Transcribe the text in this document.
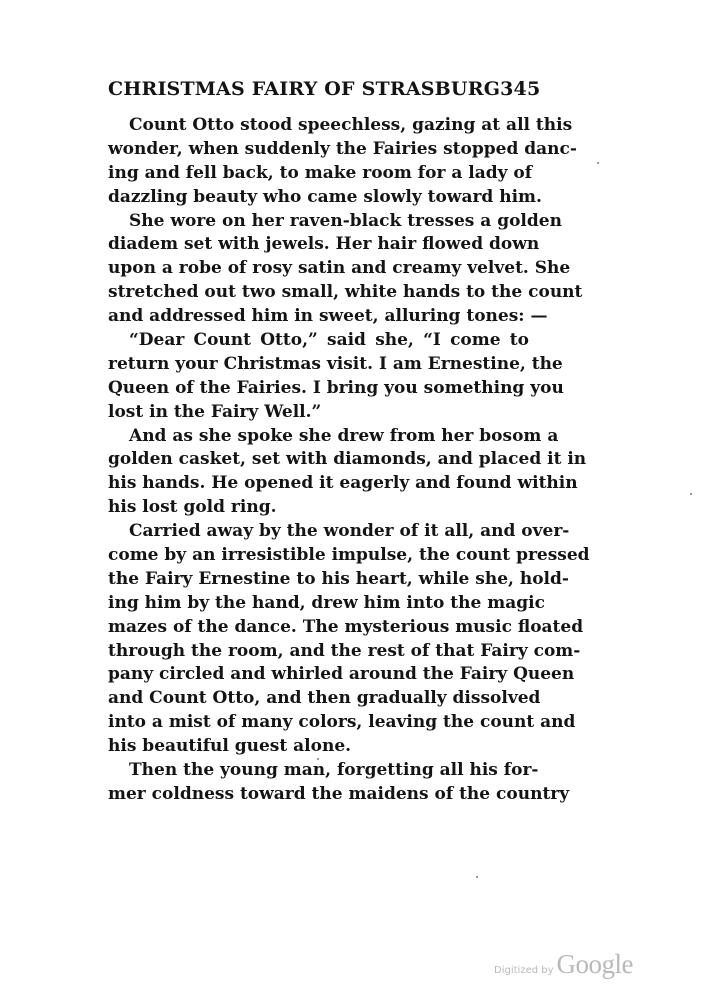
CHRISTMAS FAIRY OF STRASBURG 345

Count Otto stood speechless, gazing at all this
wonder, when suddenly the Fairies stopped danc-
ing and fell back, to make room for a lady of
dazzling beauty who came slowly toward him.

She wore on her raven-black tresses a golden
diadem set with jewels. Her hair flowed down
upon a robe of rosy satin and creamy velvet. She
stretched out two small, white hands to the count
and addressed him in sweet, alluring tones: —

“Dear Count Otto,” said she, “I come to
return your Christmas visit. I am Ernestine, the
Queen of the Fairies. I bring you something you
lost in the Fairy Well.”

And as she spoke she drew from her bosom a
golden casket, set with diamonds, and placed it in
his hands. He opened it eagerly and found within
his lost gold ring.

Carried away by the wonder of it all, and over-
come by an irresistible impulse, the count pressed
the Fairy Ernestine to his heart, while she, hold-
ing him by the hand, drew him into the magic
mazes of the dance. The mysterious music floated
through the room, and the rest of that Fairy com-
pany circled and whirled around the Fairy Queen
and Count Otto, and then gradually dissolved
into a mist of many colors, leaving the count and
his beautiful guest alone.

Then the young man, forgetting all his for-
mer coldness toward the maidens of the country

Digitized by Google
